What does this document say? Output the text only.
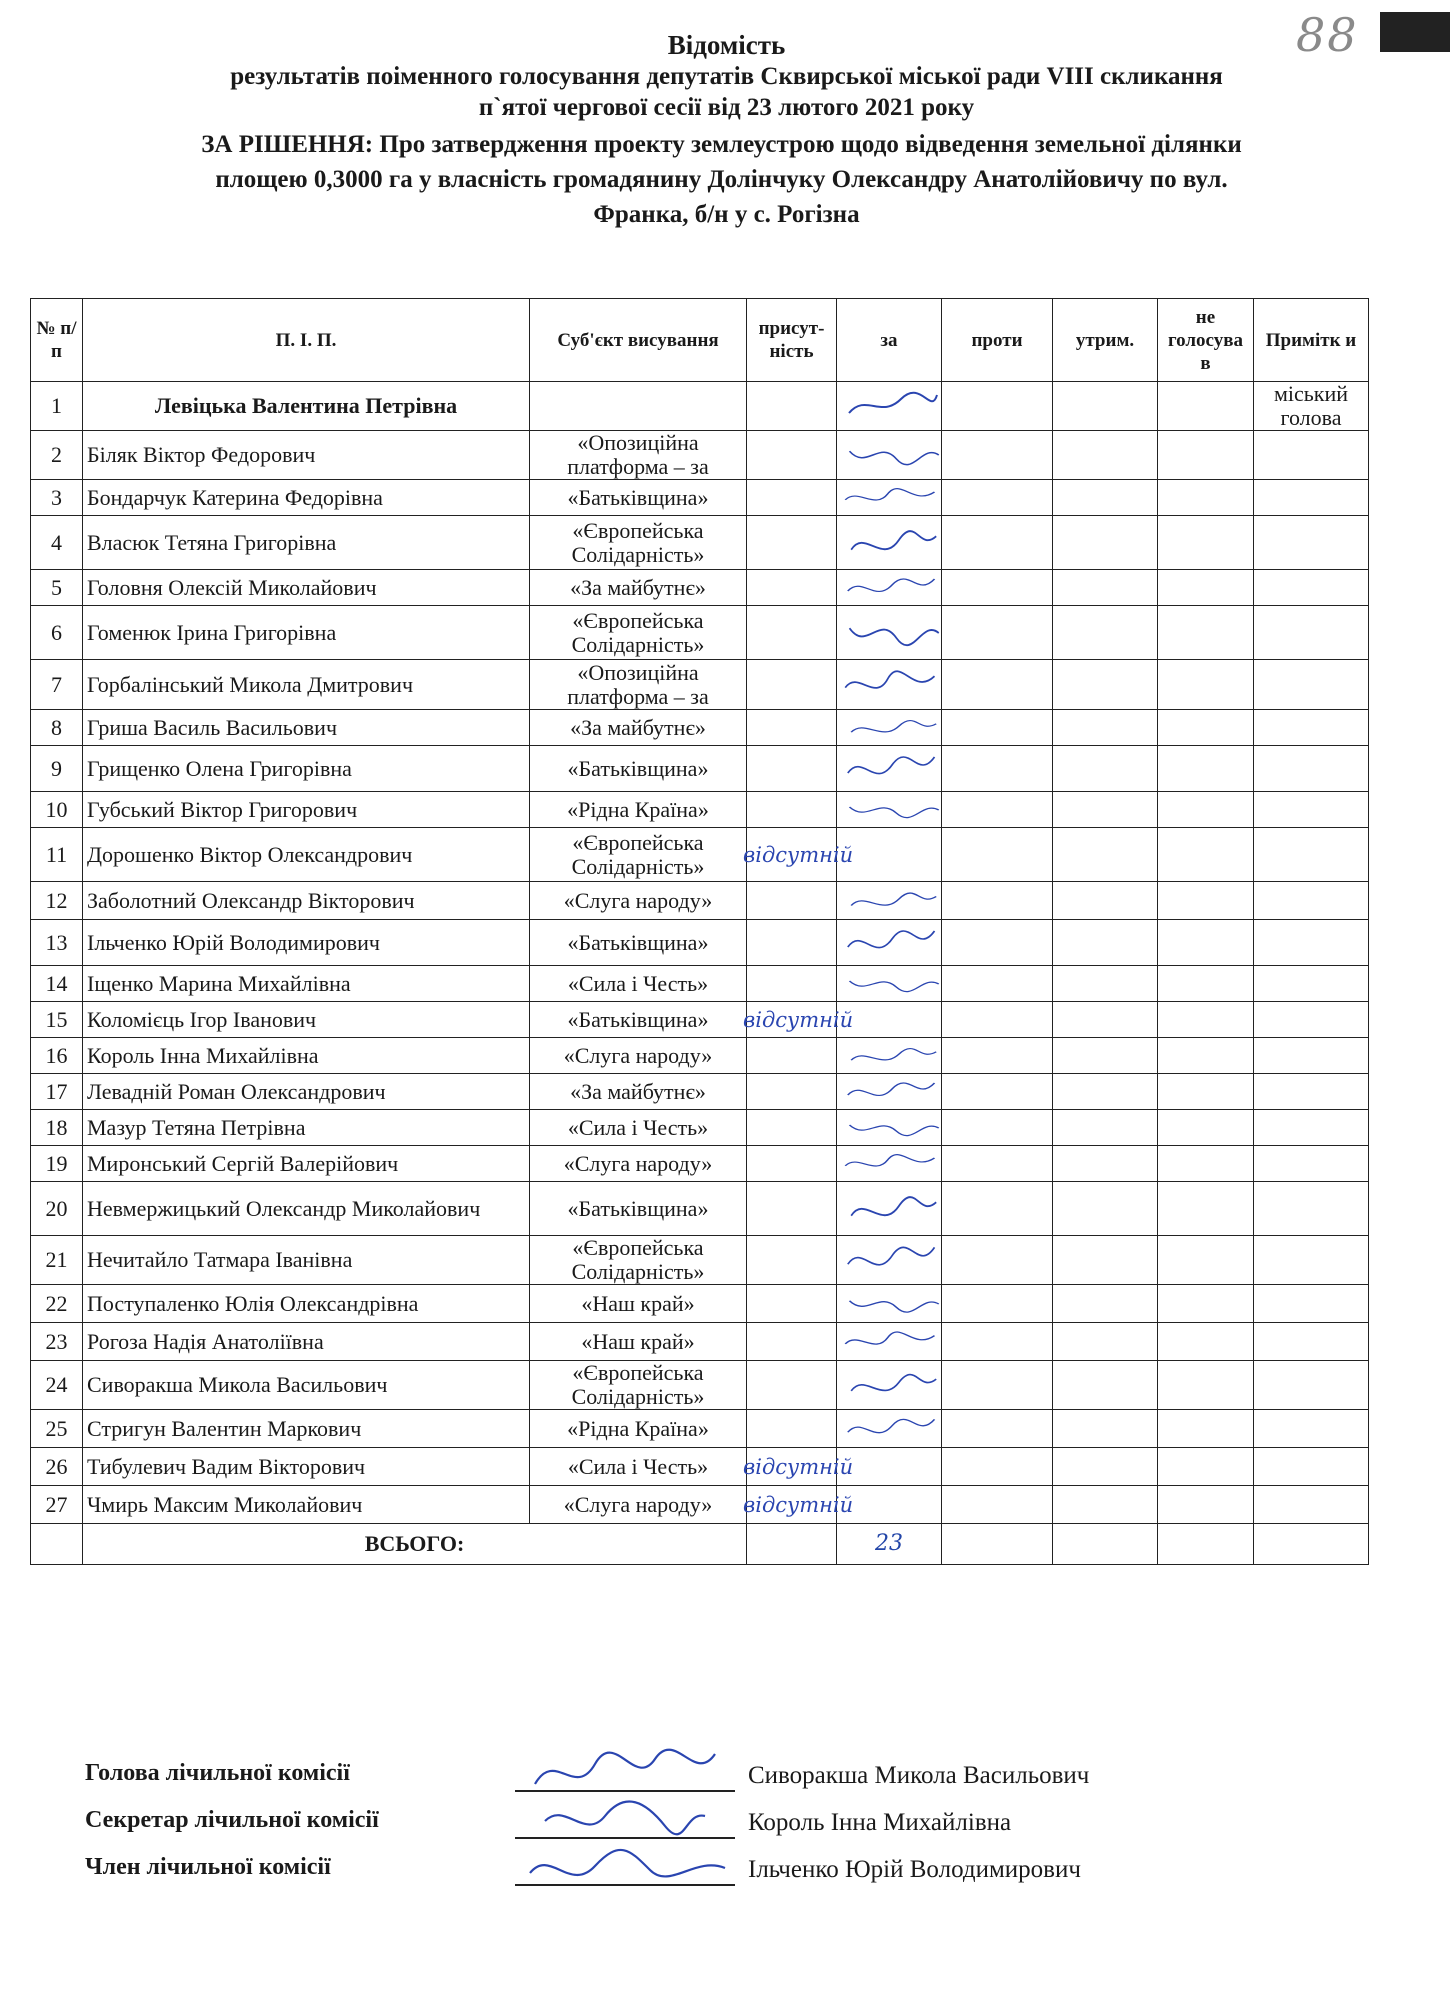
88
Відомість
результатів поіменного голосування депутатів Сквирської міської ради VIII скликання
п`ятої чергової сесії від 23 лютого 2021 року
ЗА РІШЕННЯ: Про затвердження проекту землеустрою щодо відведення земельної ділянки
площею 0,3000 га у власність громадянину Долінчуку Олександру Анатолійовичу по вул.
Франка, б/н у с. Рогізна
№ п/п	П. І. П.	Суб'єкт висування	присут-ність	за	проти	утрим.	не голосува в	Примітк и
1	Левіцька Валентина Петрівна							міський голова
2	Біляк Віктор Федорович	«Опозиційна платформа – за		

3	Бондарчук Катерина Федорівна	«Батьківщина»		

4	Власюк Тетяна Григорівна	«Європейська Солідарність»		

5	Головня Олексій Миколайович	«За майбутнє»		

6	Гоменюк Ірина Григорівна	«Європейська Солідарність»		

7	Горбалінський Микола Дмитрович	«Опозиційна платформа – за		

8	Гриша Василь Васильович	«За майбутнє»		

9	Грищенко Олена Григорівна	«Батьківщина»		

10	Губський Віктор Григорович	«Рідна Країна»		

11	Дорошенко Віктор Олександрович	«Європейська Солідарність»	відсутній					
12	Заболотний Олександр Вікторович	«Слуга народу»		

13	Ільченко Юрій Володимирович	«Батьківщина»		

14	Іщенко Марина Михайлівна	«Сила і Честь»		

15	Коломієць Ігор Іванович	«Батьківщина»	відсутній					
16	Король Інна Михайлівна	«Слуга народу»		

17	Левадній Роман Олександрович	«За майбутнє»		

18	Мазур Тетяна Петрівна	«Сила і Честь»		

19	Миронський Сергій Валерійович	«Слуга народу»		

20	Невмержицький Олександр Миколайович	«Батьківщина»		

21	Нечитайло Татмара Іванівна	«Європейська Солідарність»		

22	Поступаленко Юлія Олександрівна	«Наш край»		

23	Рогоза Надія Анатоліївна	«Наш край»		

24	Сиворакша Микола Васильович	«Європейська Солідарність»		

25	Стригун Валентин Маркович	«Рідна Країна»		

26	Тибулевич Вадим Вікторович	«Сила і Честь»	відсутній					
27	Чмирь Максим Миколайович	«Слуга народу»	відсутній					
	ВСЬОГО:			23				
Голова лічильної комісії	Сиворакша Микола Васильович
Секретар лічильної комісії	Король Інна Михайлівна
Член лічильної комісії	Ільченко Юрій Володимирович
